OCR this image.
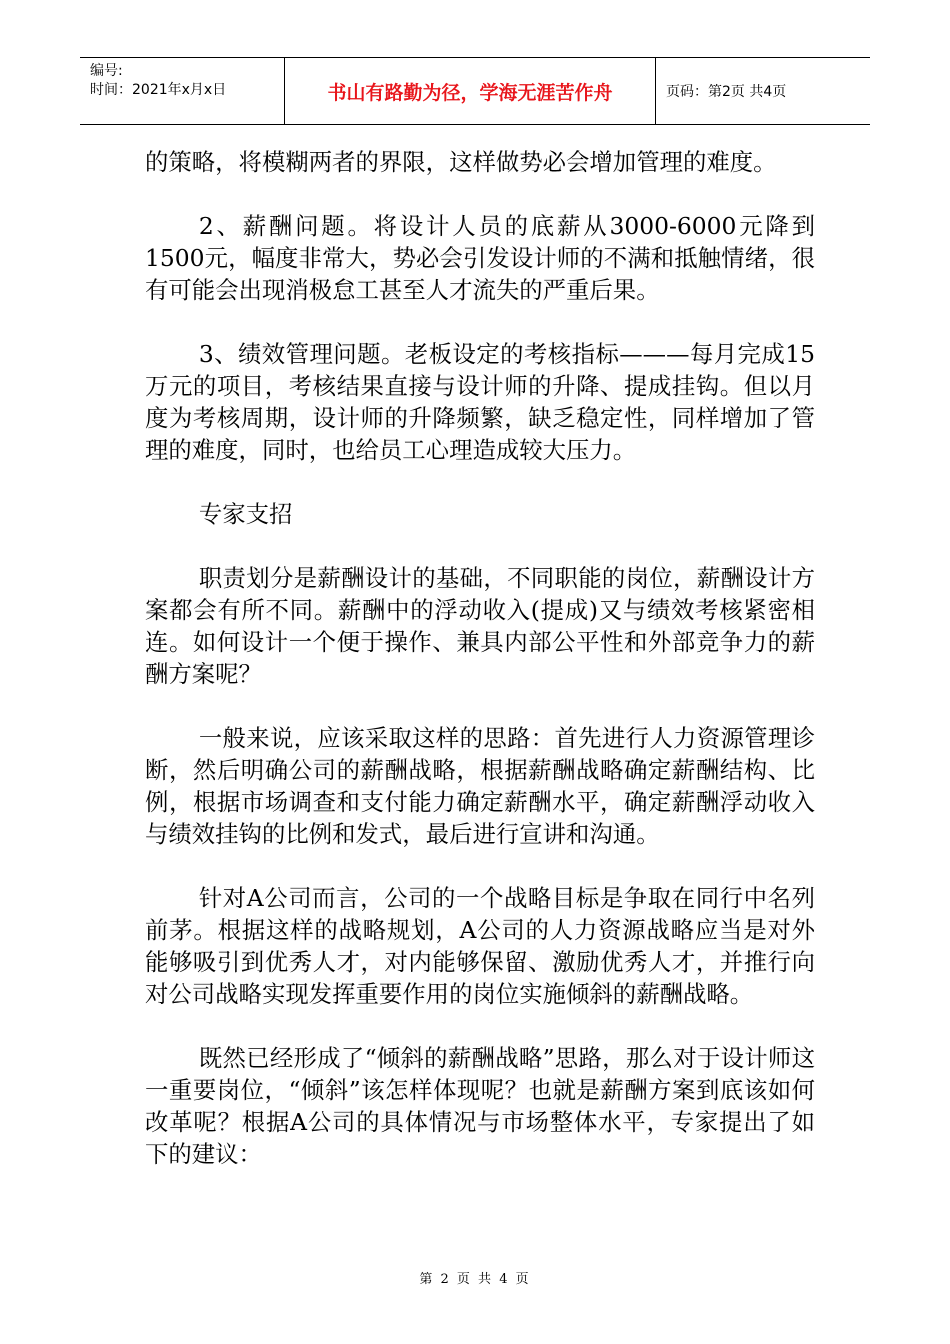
编号:
时间：2021年x月x日	书山有路勤为径，学海无涯苦作舟	页码：第2页 共4页

的策略，将模糊两者的界限，这样做势必会增加管理的难度。

2、薪酬问题。将设计人员的底薪从3000-6000元降到1500元，幅度非常大，势必会引发设计师的不满和抵触情绪，很有可能会出现消极怠工甚至人才流失的严重后果。

3、绩效管理问题。老板设定的考核指标———每月完成15万元的项目，考核结果直接与设计师的升降、提成挂钩。但以月度为考核周期，设计师的升降频繁，缺乏稳定性，同样增加了管理的难度，同时，也给员工心理造成较大压力。

专家支招

职责划分是薪酬设计的基础，不同职能的岗位，薪酬设计方案都会有所不同。薪酬中的浮动收入(提成)又与绩效考核紧密相连。如何设计一个便于操作、兼具内部公平性和外部竞争力的薪酬方案呢？

一般来说，应该采取这样的思路：首先进行人力资源管理诊断，然后明确公司的薪酬战略，根据薪酬战略确定薪酬结构、比例，根据市场调查和支付能力确定薪酬水平，确定薪酬浮动收入与绩效挂钩的比例和发式，最后进行宣讲和沟通。

针对A公司而言，公司的一个战略目标是争取在同行中名列前茅。根据这样的战略规划，A公司的人力资源战略应当是对外能够吸引到优秀人才，对内能够保留、激励优秀人才，并推行向对公司战略实现发挥重要作用的岗位实施倾斜的薪酬战略。

既然已经形成了“倾斜的薪酬战略”思路，那么对于设计师这一重要岗位，“倾斜”该怎样体现呢？也就是薪酬方案到底该如何改革呢？根据A公司的具体情况与市场整体水平，专家提出了如下的建议：

第 2 页 共 4 页
